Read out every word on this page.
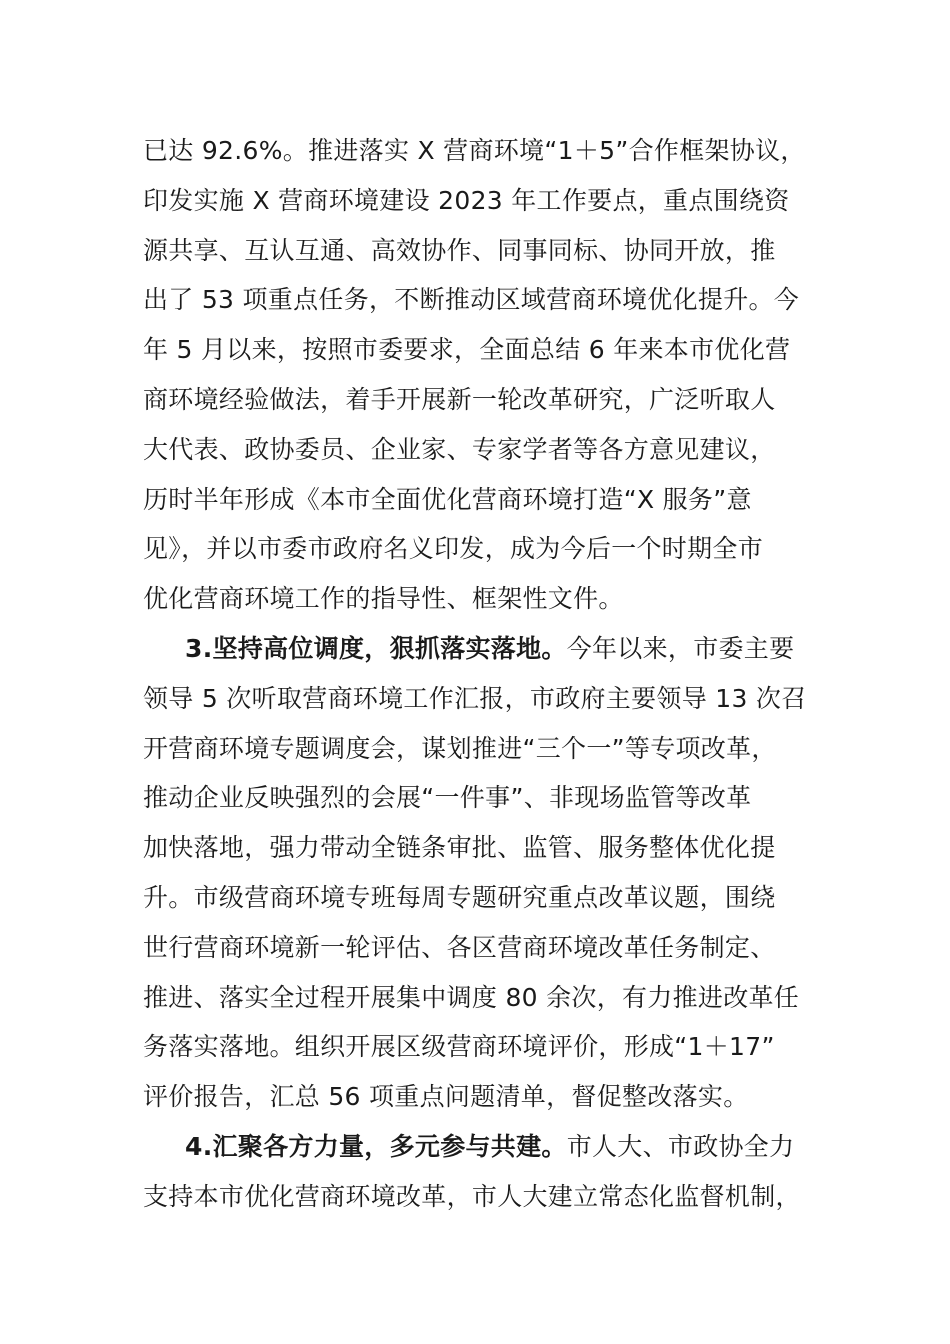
已达 92.6%。推进落实 X 营商环境“1＋5”合作框架协议，
印发实施 X 营商环境建设 2023 年工作要点，重点围绕资
源共享、互认互通、高效协作、同事同标、协同开放，推
出了 53 项重点任务，不断推动区域营商环境优化提升。今
年 5 月以来，按照市委要求，全面总结 6 年来本市优化营
商环境经验做法，着手开展新一轮改革研究，广泛听取人
大代表、政协委员、企业家、专家学者等各方意见建议，
历时半年形成《本市全面优化营商环境打造“X 服务”意
见》，并以市委市政府名义印发，成为今后一个时期全市
优化营商环境工作的指导性、框架性文件。
3.坚持高位调度，狠抓落实落地。今年以来，市委主要
领导 5 次听取营商环境工作汇报，市政府主要领导 13 次召
开营商环境专题调度会，谋划推进“三个一”等专项改革，
推动企业反映强烈的会展“一件事”、非现场监管等改革
加快落地，强力带动全链条审批、监管、服务整体优化提
升。市级营商环境专班每周专题研究重点改革议题，围绕
世行营商环境新一轮评估、各区营商环境改革任务制定、
推进、落实全过程开展集中调度 80 余次，有力推进改革任
务落实落地。组织开展区级营商环境评价，形成“1＋17”
评价报告，汇总 56 项重点问题清单，督促整改落实。
4.汇聚各方力量，多元参与共建。市人大、市政协全力
支持本市优化营商环境改革，市人大建立常态化监督机制，
